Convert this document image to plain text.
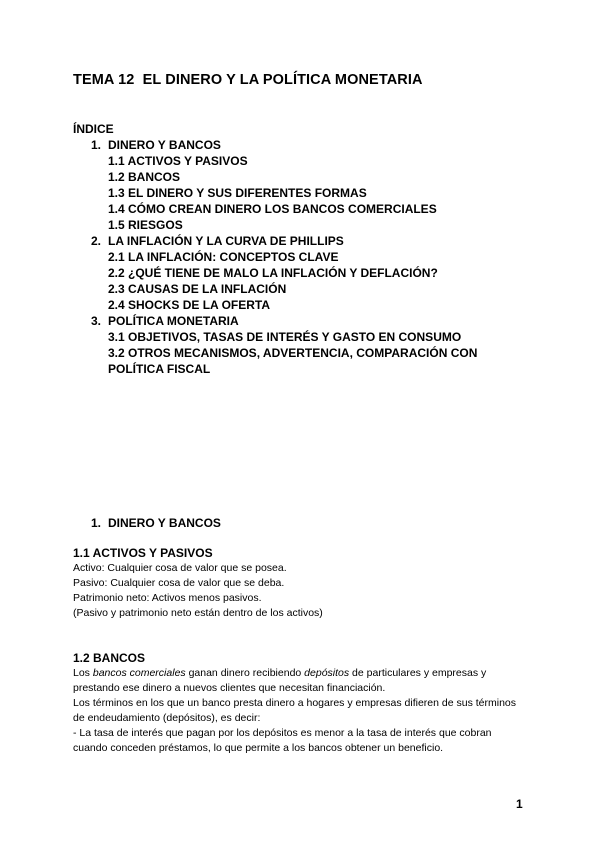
TEMA 12  EL DINERO Y LA POLÍTICA MONETARIA
ÍNDICE
1. DINERO Y BANCOS
1.1 ACTIVOS Y PASIVOS
1.2 BANCOS
1.3 EL DINERO Y SUS DIFERENTES FORMAS
1.4 CÓMO CREAN DINERO LOS BANCOS COMERCIALES
1.5 RIESGOS
2. LA INFLACIÓN Y LA CURVA DE PHILLIPS
2.1 LA INFLACIÓN: CONCEPTOS CLAVE
2.2 ¿QUÉ TIENE DE MALO LA INFLACIÓN Y DEFLACIÓN?
2.3 CAUSAS DE LA INFLACIÓN
2.4 SHOCKS DE LA OFERTA
3. POLÍTICA MONETARIA
3.1 OBJETIVOS, TASAS DE INTERÉS Y GASTO EN CONSUMO
3.2 OTROS MECANISMOS, ADVERTENCIA, COMPARACIÓN CON POLÍTICA FISCAL
1. DINERO Y BANCOS
1.1 ACTIVOS Y PASIVOS

Activo: Cualquier cosa de valor que se posea.

Pasivo: Cualquier cosa de valor que se deba.

Patrimonio neto: Activos menos pasivos.

(Pasivo y patrimonio neto están dentro de los activos)

1.2 BANCOS

Los bancos comerciales ganan dinero recibiendo depósitos de particulares y empresas y prestando ese dinero a nuevos clientes que necesitan financiación.

Los términos en los que un banco presta dinero a hogares y empresas difieren de sus términos de endeudamiento (depósitos), es decir:

- La tasa de interés que pagan por los depósitos es menor a la tasa de interés que cobran cuando conceden préstamos, lo que permite a los bancos obtener un beneficio.

1
